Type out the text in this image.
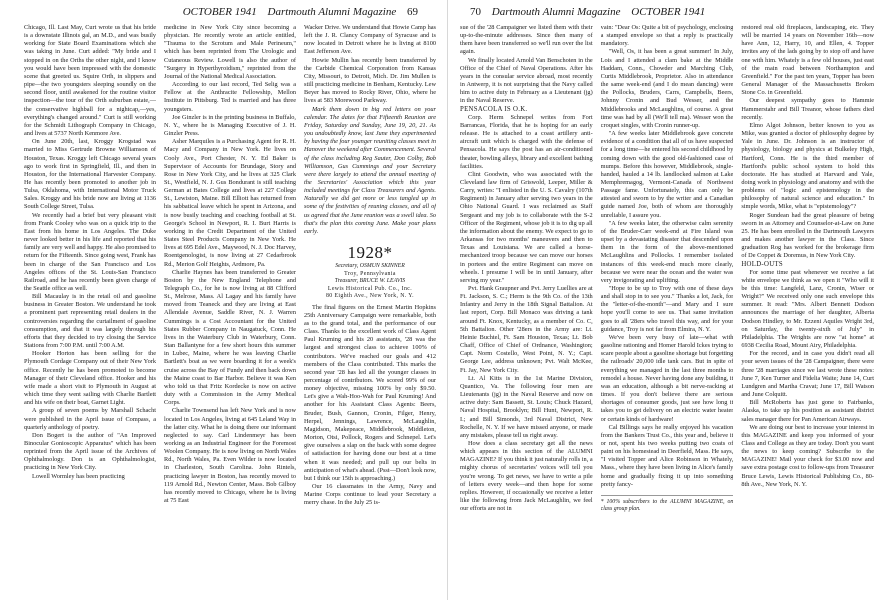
OCTOBER 1941 Dartmouth Alumni Magazine 69

Chicago, Ill. Last May, Curt wrote us that his bride is a downstate Illinois gal, an M.D., and was busily working for State Board Examinations which she was taking in June. Curt added: "My bride and I stopped in on the Orths the other night, and I know you would have been impressed with the domestic scene that greeted us. Squire Orth, in slippers and pipe—the two youngsters sleeping soundly on the second floor, until awakened for the routine visitor inspection—the tour of the Orth suburban estate,—the conservative highball for a nightcap,—yes, everything's changed around." Curt is still working for the Schmidt Lithograph Company in Chicago, and lives at 5737 North Kenmore Ave.

On June 20th, last, Kroggy Krogstad was married to Miss Gertrude Browne Williamson of Houston, Texas. Kroggy left Chicago several years ago to work first in Springfield, Ill., and then in Houston, for the International Harvester Company. He has recently been promoted to another job in Tulsa, Oklahoma, with International Motor Truck Sales. Kroggy and his bride now are living at 1136 South College Street, Tulsa.

We recently had a brief but very pleasant visit from Frank Cooley who was on a quick trip to the East from his home in Los Angeles. The Duke never looked better in his life and reported that his family are very well and happy. He also promised to return for the Fifteenth. Since going west, Frank has been in charge of the San Francisco and Los Angeles offices of the St. Louis-San Francisco Railroad, and he has recently been given charge of the Seattle office as well.

Bill Macaulay is in the retail oil and gasoline business in Greater Boston. We understand he took a prominent part representing retail dealers in the controversies regarding the curtailment of gasoline consumption, and that it was largely through his efforts that they decided to try closing the Service Stations from 7:00 P.M. until 7:00 A.M.

Hooker Horton has been selling for the Plymouth Cordage Company out of their New York office. Recently he has been promoted to become Manager of their Cleveland office. Hooker and his wife made a short visit to Plymouth in August at which time they went sailing with Charlie Bartlett and his wife on their boat, Garnet Light.

A group of seven poems by Marshall Schacht were published in the April issue of Compass, a quarterly anthology of poetry.

Don Bogert is the author of "An Improved Binocular Gonioscopic Apparatus" which has been reprinted from the April issue of the Archives of Ophthalmology. Don is an Ophthalmologist, practicing in New York City.

Lowell Wormley has been practicing

medicine in New York City since becoming a physician. He recently wrote an article entitled, "Trauma to the Scrotum and Male Perineum," which has been reprinted from The Urologic and Cutaneous Review. Lowell is also the author of "Surgery in Hyperthyroidism," reprinted from the Journal of the National Medical Association.

According to our last record, Ted Selig was a Fellow at the Anthracite Fellowship, Mellon Institute in Pittsburg. Ted is married and has three youngsters.

Joe Ginzler is in the printing business in Buffalo, N. Y., where he is Managing Executive of J. H. Ginzler Press.

Asher Marquiles is a Purchasing Agent for R. H. Macy and Company in New York. He lives on Cooly Ave., Port Chester, N. Y. Ed Baker is Supervisor of Accounts for Brundage, Story and Rose in New York City, and he lives at 325 Clark St., Westfield, N. J. Gus Bondurant is still teaching German at Bates College and lives at 227 College St., Lewiston, Maine. Bill Elliott has returned from his sabbatical leave which he spent in Arizona, and is now busily teaching and coaching football at St. George's School in Newport, R. I. Burt Harris is working in the Credit Department of the United States Steel Products Company in New York. He lives at 695 Edel Ave., Maywood, N. J. Doc Harvey, Roentgenologist, is now living at 27 Cedarbrook Rd., Merion Golf Heights, Ardmore, Pa.

Charlie Haynes has been transferred to Greater Boston by the New England Telephone and Telegraph Co., for he is now living at 88 Clifford St., Melrose, Mass. Al Lagay and his family have moved from Teaneck and they are living at East Allendale Avenue, Saddle River, N. J. Warren Cummings is a Cost Accountant for the United States Rubber Company in Naugatuck, Conn. He lives in the Waterbury Club in Waterbury, Conn. Stan Ballantyne for a few short hours this summer in Lubec, Maine, where he was leaving Charlie Bartlett's boat as we were boarding it for a week's cruise across the Bay of Fundy and then back down the Maine coast to Bar Harbor. Believe it was Ken who told us that Fritz Kordecke is now on active duty with a Commission in the Army Medical Corps.

Charlie Townsend has left New York and is now located in Los Angeles, living at 645 Leland Way in the latter city. What he is doing there our informant neglected to say. Carl Lindenmeyr has been working as an Industrial Engineer for the Foremost Woolen Company. He is now living on North Wales Rd., North Wales, Pa. Even Wilder is now located in Charleston, South Carolina. John Rintels, practicing lawyer in Boston, has recently moved to 119 Arnold Rd., Newton Center, Mass. Bob Gilboy has recently moved to Chicago, where he is living at 75 East

Wacker Drive. We understand that Howie Camp has left the J. R. Clancy Company of Syracuse and is now located in Detroit where he is living at 8100 East Jefferson Ave.

Howie Mullin has recently been transferred by the Carbide Chemical Corporation from Kansas City, Missouri, to Detroit, Mich. Dr. Jim Mullen is still practicing medicine in Benham, Kentucky. Lew Beyer has moved to Rocky River, Ohio, where he lives at 583 Morewood Parkway.

Mark them down in big red letters on your calendar. The dates for that Fifteenth Reunion are Friday, Saturday and Sunday, June 19, 20, 21. As you undoubtedly know, last June they experimented by having the four younger reuniting classes meet in Hanover the weekend after Commencement. Several of the class including Reg Sauter, Don Colby, Bob Williamson, Gus Cummings and your Secretary were there largely to attend the annual meeting of the Secretaries' Association which this year included meetings for Class Treasurers and Agents. Naturally we did get more or less tangled up in some of the festivities of reuning classes, and all of us agreed that the June reunion was a swell idea. So that's the plan this coming June. Make your plans early.

1928*
Secretary, OSMUN SKINNER
Troy, Pennsylvania
Treasurer, BRUCE W. LEAVIS
Lewis Historical Pub. Co., Inc.
80 Eighth Ave., New York, N. Y.

The final figures on the Ernest Martin Hopkins 25th Anniversary Campaign were remarkable, both as to the grand total, and the performance of our Class. Thanks to the excellent work of Class Agent Paul Kruming and his 20 assistants, '28 was the largest and strongest class to achieve 100% of contributors. We've reached our goals and 412 members of the Class contributed. This marks the second year '28 has led all the younger classes in percentage of contributors. We scored 99% of our money objective, missing 100% by only $9.50. Let's give a Wah-Hoo-Wah for Paul Kruming! And another for his Assistant Class Agents: Beers, Bruder, Bush, Gannon, Cronin, Filger, Henry, Herpel, Jennings, Lawrence, McLaughlin, Magidson, Makepeace, Middlebrook, Middleton, Morton, Otsi, Pollock, Rogers and Schnepel. Let's give ourselves a slap on the back with some degree of satisfaction for having done our best at a time when it was needed; and pull up our belts in anticipation of what's ahead. (Psst—Don't look now, but I think our 15th is approaching.)

Our 16 classmates in the Army, Navy and Marine Corps continue to lead your Secretary a merry chase. In the July 25 is-

70 Dartmouth Alumni Magazine OCTOBER 1941

sue of the '28 Campaigner we listed them with their up-to-the-minute addresses. Since then many of them have been transferred so we'll run over the list again.

We finally located Arnold Van Benschoten in the Office of the Chief of Naval Operations. After his years in the consular service abroad, most recently in Antwerp, it is not surprising that the Navy called him to active duty in February as a Lieutenant (jg) in the Naval Reserve.

PENSACOLA IS O.K.

Corp. Herm Schnepel writes from Fort Barrancas, Florida, that he is hoping for an early release. He is attached to a coast artillery anti-aircraft unit which is charged with the defense of Pensacola. He says the post has an air-conditioned theater, bowling alleys, library and excellent bathing facilities.

Clint Goodwin, who was associated with the Cleveland law firm of Griswold, Leeper, Miller & Carry, writes: "I enlisted in the U. S. Cavalry (107th Regiment) in January after serving two years in the Ohio National Guard. I was reclaimed as Staff Sergeant and my job is to collaborate with the S-2 Officer of the Regiment, whose job it is to dig up all the information about the enemy. We expect to go to Arkansas for two months' maneuvers and then to Texas and Louisiana. We are called a horse-mechanized troop because we can move our horses in portees and the entire Regiment can move on wheels. I presume I will be in until January, after serving my year."

Pvt. Hank Graupner and Pvt. Jerry Luellies are at Ft. Jackson, S. C.; Herm is the 9th Co. of the 13th Infantry and Jerry in the 18th Signal Battalion. At last report, Corp. Bill Monaco was driving a tank around Ft. Knox, Kentucky, as a member of Co. C, 5th Battalion. Other '28ers in the Army are: Lt. Heinie Buchtel, Ft. Sam Houston, Texas; Lt. Bob Chaff, Office of Chief of Ordnance, Washington; Capt. Norm Costello, West Point, N. Y.; Capt. George Lee, address unknown; Pvt. Walt McKee, Ft. Jay, New York City.

Lt. Al Kitts is in the 1st Marine Division, Quantico, Va. The following four men are Lieutenants (jg) in the Naval Reserve and now on active duty: Sam Bassett, St. Louis; Chuck Hazard, Naval Hospital, Brooklyn; Bill Hunt, Newport, R. I.; and Bill Simonds, 3rd Naval District, New Rochelle, N. Y. If we have missed anyone, or made any mistakes, please tell us right away.

How does a class secretary get all the news which appears in this section of the ALUMNI MAGAZINE? If you think it just naturally rolls in, a mighty chorus of secretaries' voices will tell you you're wrong. To get news, we have to write a pile of letters every week—and then hope for some replies. However, if occasionally we receive a letter like the following from Jack McLaughlin, we feel our efforts are not in

vain: "Dear Os: Quite a bit of psychology, enclosing a stamped envelope so that a reply is practically mandatory.

"Well, Os, it has been a great summer! In July, Lois and I attended a clam bake at the Middle Haddam, Conn., Chowder and Marching Club, Curtis Middlebrook, Proprietor. Also in attendance the same week-end (and I do mean dancing) were the Pollocks, Bruders, Carrs, Campbells, Beers, Johnny Cronin and Bud Wesser, and the Middlebrooks and McLaughlins, of course. A great time was had by all (We'll tell ma). Wesser won the croquet singles, with Cronin runner-up.

"A few weeks later Middlebrook gave concrete evidence of a condition that all of us have suspected for a long time—he entered his second childhood by coming down with the good old-fashioned case of mumps. Before this however, Middlebrook, single-handed, hauled a 14 lb. landlocked salmon at Lake Memphremagog, Vermont-Canada of Northwest Passage fame. Unfortunately, this can only be attested and sworn to by the writer and a Canadian guide named Joe, both of whom are thoroughly unreliable, I assure you.

"A few weeks later, the otherwise calm serenity of the Bruder-Carr week-end at Fire Island was upset by a devastating disaster that descended upon them in the form of the above-mentioned McLaughlins and Pollocks. I remember isolated instances of this week-end much more clearly, because we were near the ocean and the water was very invigorating and uplifting.

"Hope to be up to Troy with one of these days and shall stop in to see you." Thanks a lot, Jack, for the "letter-of-the-month"—and Mary and I sure hope you'll come to see us. That same invitation goes to all '28ers who travel this way, and for your guidance, Troy is not far from Elmira, N. Y.

We've been very busy of late—what with gasoline rationing and Homer Harold Ickes trying to scare people about a gasoline shortage but forgetting the railroads' 20,000 idle tank cars. But in spite of everything we managed in the last three months to remodel a house. Never having done any building, it was an education, although a bit nerve-racking at times. If you don't believe there are serious shortages of consumer goods, just see how long it takes you to get delivery on an electric water heater or certain kinds of hardware!

Cal Billings says he really enjoyed his vacation from the Bankers Trust Co., this year and, believe it or not, spent his two weeks putting two coats of paint on his homestead in Deerfield, Mass. He says, "I visited Topper and Alice Robinson in Whately, Mass., where they have been living in Alice's family home and gradually fixing it up into something pretty fancy-

* 100% subscribers to the ALUMNI MAGAZINE, on class group plan.

restored real old fireplaces, landscaping, etc. They will be married 14 years on November 16th—now have Ann, 12, Harry, 10, and Ellen, 4. Topper invites any of the lads going by to stop off and have one with him. Whately is a few old houses, just east of the main road between Northampton and Greenfield." For the past ten years, Topper has been General Manager of the Massachusetts Broken Stone Co. in Greenfield.

Our deepest sympathy goes to Hammie Hammerstahr and Bill Treanor, whose fathers died recently.

Elmo Algot Johnson, better known to you as Mike, was granted a doctor of philosophy degree by Yale in June. Dr. Johnson is an instructor of physiology, biology and physics at Bulkeley High, Hartford, Conn. He is the third member of Hartford's public school system to hold this doctorate. He has studied at Harvard and Yale, doing work in physiology and anatomy and with the problems of "logic and epistemology in the philosophy of natural science and education." In simple words, Mike, what is "epistemology"?

Roger Sundean had the great pleasure of being sworn in as Attorney and Counselor-at-Law on June 25. He has been enrolled in the Dartmouth Lawyers and makes another lawyer in the Class. Since graduation Rog has worked for the brokerage firm of De Coppet & Doremus, in New York City.

HOLD-OUTS

For some time past whenever we receive a fat white envelope we think as we open it "Who will it be this time: Langfeld, Lanz, Cronin, Wiser or Wright?" We received only one such envelope this summer. It read: "Mrs. Albert Bennett Dodson announces the marriage of her daughter, Alberta Dodson Hindley, to Mr. Ezzeni Aquiles Wright 3rd, on Saturday, the twenty-sixth of July" in Philadelphia. The Wrights are now "at home" at 6938 Cecilia Road, Mount Airy, Philadelphia.

For the record, and in case you didn't read all your seven issues of the '28 Campaigner, there were three '28 marriages since we last wrote these notes: June 7, Ken Turner and Fidelia Waite; June 14, Curt Lundgren and Martha Cravat; June 17, Bill Watson and June Colquitt.

Bill McRoberts has just gone to Fairbanks, Alaska, to take up his position as assistant district sales manager there for Pan American Airways.

We are doing our best to increase your interest in this MAGAZINE and keep you informed of your Class and College as they are today. Don't you want the news to keep coming? Subscribe to the MAGAZINE! Mail your check for $3.00 now and save extra postage cost to follow-ups from Treasurer Bruce Lewis, Lewis Historical Publishing Co., 80-8th Ave., New York, N. Y.
